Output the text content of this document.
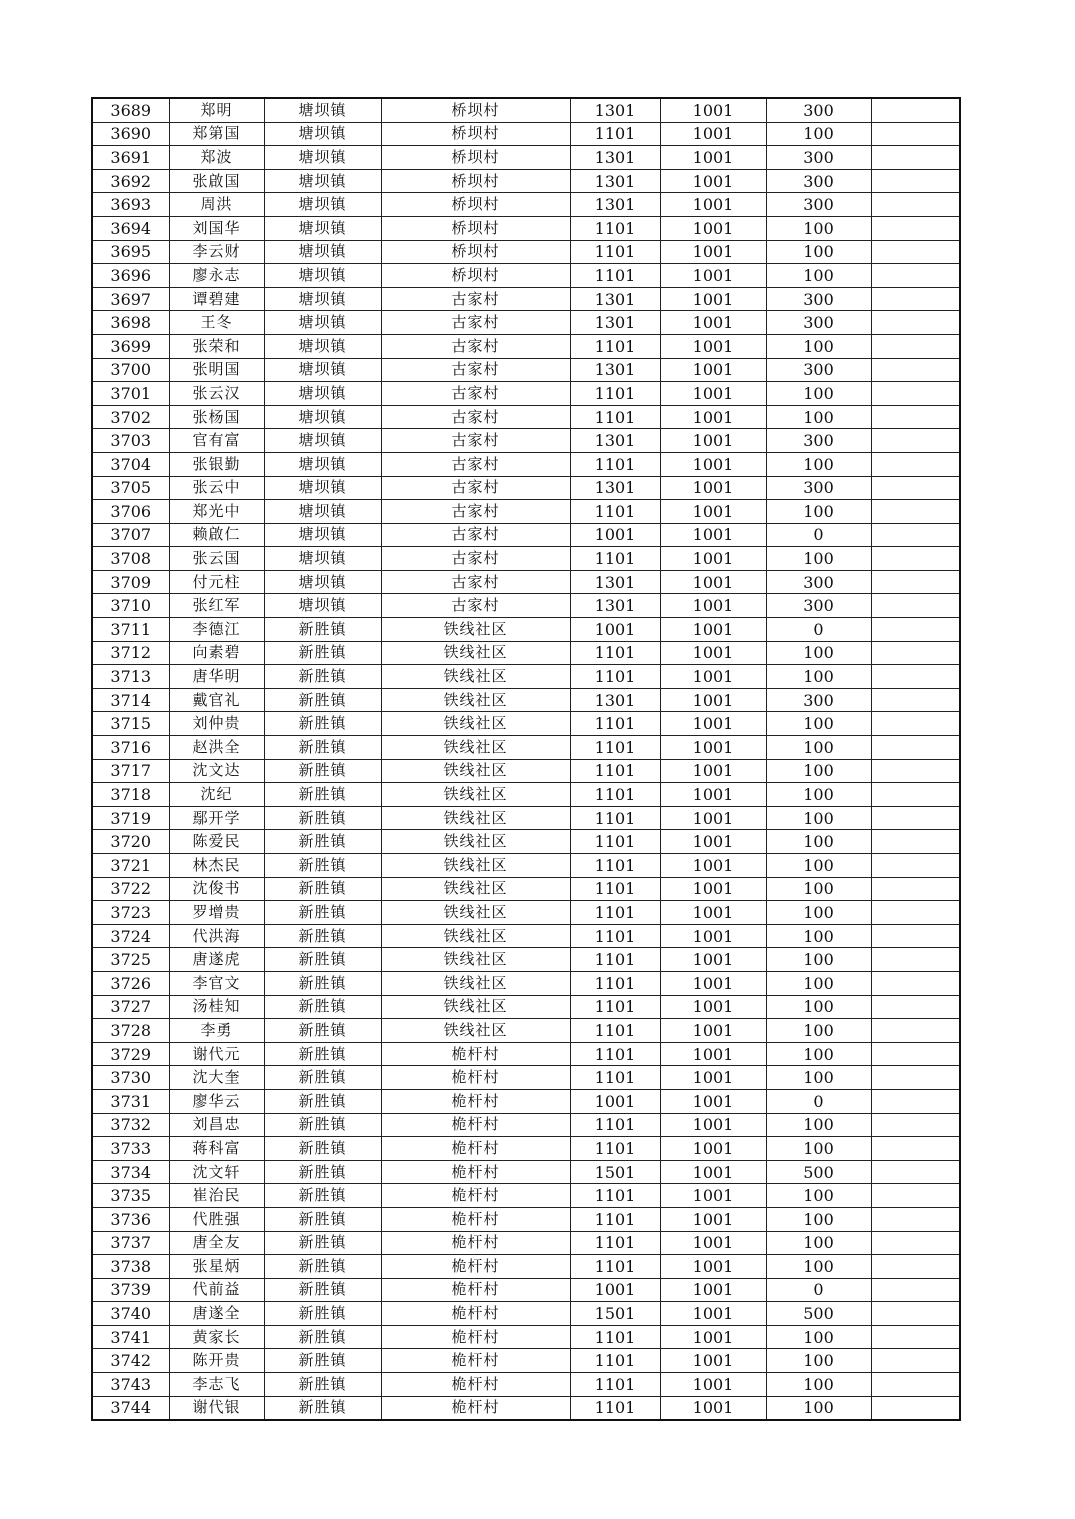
3689	郑明	塘坝镇	桥坝村	1301	1001	300	
3690	郑第国	塘坝镇	桥坝村	1101	1001	100	
3691	郑波	塘坝镇	桥坝村	1301	1001	300	
3692	张啟国	塘坝镇	桥坝村	1301	1001	300	
3693	周洪	塘坝镇	桥坝村	1301	1001	300	
3694	刘国华	塘坝镇	桥坝村	1101	1001	100	
3695	李云财	塘坝镇	桥坝村	1101	1001	100	
3696	廖永志	塘坝镇	桥坝村	1101	1001	100	
3697	谭碧建	塘坝镇	古家村	1301	1001	300	
3698	王冬	塘坝镇	古家村	1301	1001	300	
3699	张荣和	塘坝镇	古家村	1101	1001	100	
3700	张明国	塘坝镇	古家村	1301	1001	300	
3701	张云汉	塘坝镇	古家村	1101	1001	100	
3702	张杨国	塘坝镇	古家村	1101	1001	100	
3703	官有富	塘坝镇	古家村	1301	1001	300	
3704	张银勤	塘坝镇	古家村	1101	1001	100	
3705	张云中	塘坝镇	古家村	1301	1001	300	
3706	郑光中	塘坝镇	古家村	1101	1001	100	
3707	赖啟仁	塘坝镇	古家村	1001	1001	0	
3708	张云国	塘坝镇	古家村	1101	1001	100	
3709	付元柱	塘坝镇	古家村	1301	1001	300	
3710	张红军	塘坝镇	古家村	1301	1001	300	
3711	李德江	新胜镇	铁线社区	1001	1001	0	
3712	向素碧	新胜镇	铁线社区	1101	1001	100	
3713	唐华明	新胜镇	铁线社区	1101	1001	100	
3714	戴官礼	新胜镇	铁线社区	1301	1001	300	
3715	刘仲贵	新胜镇	铁线社区	1101	1001	100	
3716	赵洪全	新胜镇	铁线社区	1101	1001	100	
3717	沈文达	新胜镇	铁线社区	1101	1001	100	
3718	沈纪	新胜镇	铁线社区	1101	1001	100	
3719	鄢开学	新胜镇	铁线社区	1101	1001	100	
3720	陈爱民	新胜镇	铁线社区	1101	1001	100	
3721	林杰民	新胜镇	铁线社区	1101	1001	100	
3722	沈俊书	新胜镇	铁线社区	1101	1001	100	
3723	罗增贵	新胜镇	铁线社区	1101	1001	100	
3724	代洪海	新胜镇	铁线社区	1101	1001	100	
3725	唐遂虎	新胜镇	铁线社区	1101	1001	100	
3726	李官文	新胜镇	铁线社区	1101	1001	100	
3727	汤桂知	新胜镇	铁线社区	1101	1001	100	
3728	李勇	新胜镇	铁线社区	1101	1001	100	
3729	谢代元	新胜镇	桅杆村	1101	1001	100	
3730	沈大奎	新胜镇	桅杆村	1101	1001	100	
3731	廖华云	新胜镇	桅杆村	1001	1001	0	
3732	刘昌忠	新胜镇	桅杆村	1101	1001	100	
3733	蒋科富	新胜镇	桅杆村	1101	1001	100	
3734	沈文轩	新胜镇	桅杆村	1501	1001	500	
3735	崔治民	新胜镇	桅杆村	1101	1001	100	
3736	代胜强	新胜镇	桅杆村	1101	1001	100	
3737	唐全友	新胜镇	桅杆村	1101	1001	100	
3738	张星炳	新胜镇	桅杆村	1101	1001	100	
3739	代前益	新胜镇	桅杆村	1001	1001	0	
3740	唐遂全	新胜镇	桅杆村	1501	1001	500	
3741	黄家长	新胜镇	桅杆村	1101	1001	100	
3742	陈开贵	新胜镇	桅杆村	1101	1001	100	
3743	李志飞	新胜镇	桅杆村	1101	1001	100	
3744	谢代银	新胜镇	桅杆村	1101	1001	100	
